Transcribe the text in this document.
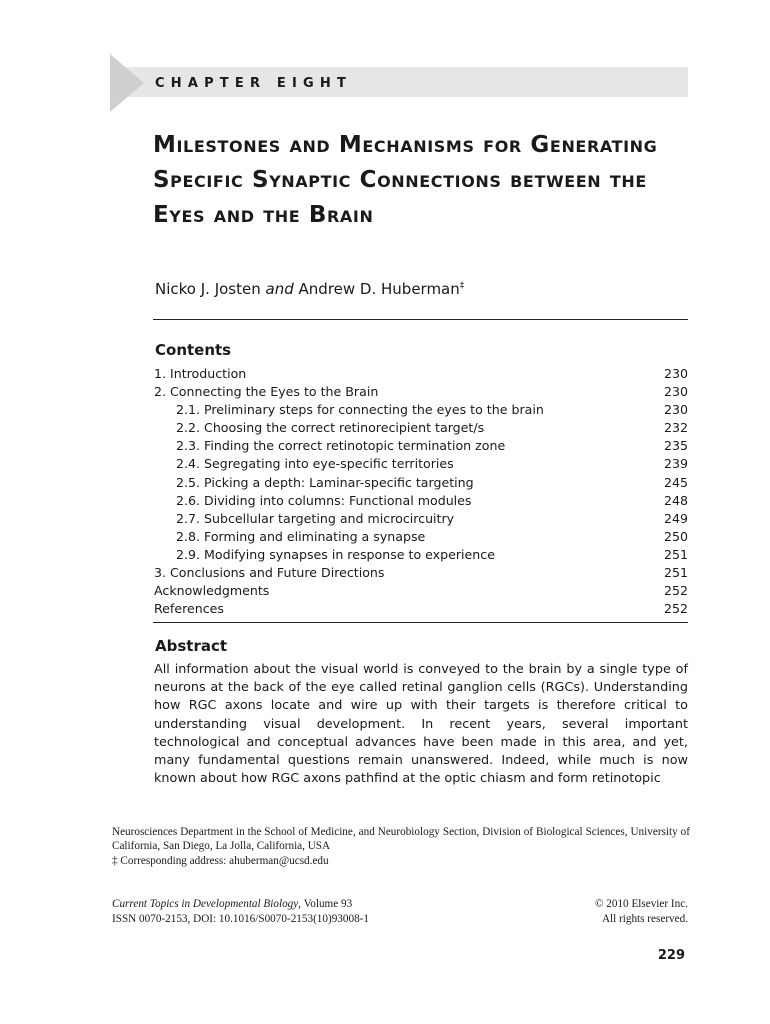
CHAPTER EIGHT
Milestones and Mechanisms for Generating Specific Synaptic Connections between the Eyes and the Brain
Nicko J. Josten and Andrew D. Huberman‡
Contents
1. Introduction	230
2. Connecting the Eyes to the Brain	230
2.1. Preliminary steps for connecting the eyes to the brain	230
2.2. Choosing the correct retinorecipient target/s	232
2.3. Finding the correct retinotopic termination zone	235
2.4. Segregating into eye-specific territories	239
2.5. Picking a depth: Laminar-specific targeting	245
2.6. Dividing into columns: Functional modules	248
2.7. Subcellular targeting and microcircuitry	249
2.8. Forming and eliminating a synapse	250
2.9. Modifying synapses in response to experience	251
3. Conclusions and Future Directions	251
Acknowledgments	252
References	252
Abstract

All information about the visual world is conveyed to the brain by a single type of neurons at the back of the eye called retinal ganglion cells (RGCs). Understanding how RGC axons locate and wire up with their targets is therefore critical to understanding visual development. In recent years, several important technological and conceptual advances have been made in this area, and yet, many fundamental questions remain unanswered. Indeed, while much is now known about how RGC axons pathfind at the optic chiasm and form retinotopic

Neurosciences Department in the School of Medicine, and Neurobiology Section, Division of Biological Sciences, University of California, San Diego, La Jolla, California, USA
‡ Corresponding address: ahuberman@ucsd.edu
Current Topics in Developmental Biology, Volume 93
ISSN 0070-2153, DOI: 10.1016/S0070-2153(10)93008-1
© 2010 Elsevier Inc.
All rights reserved.
229
